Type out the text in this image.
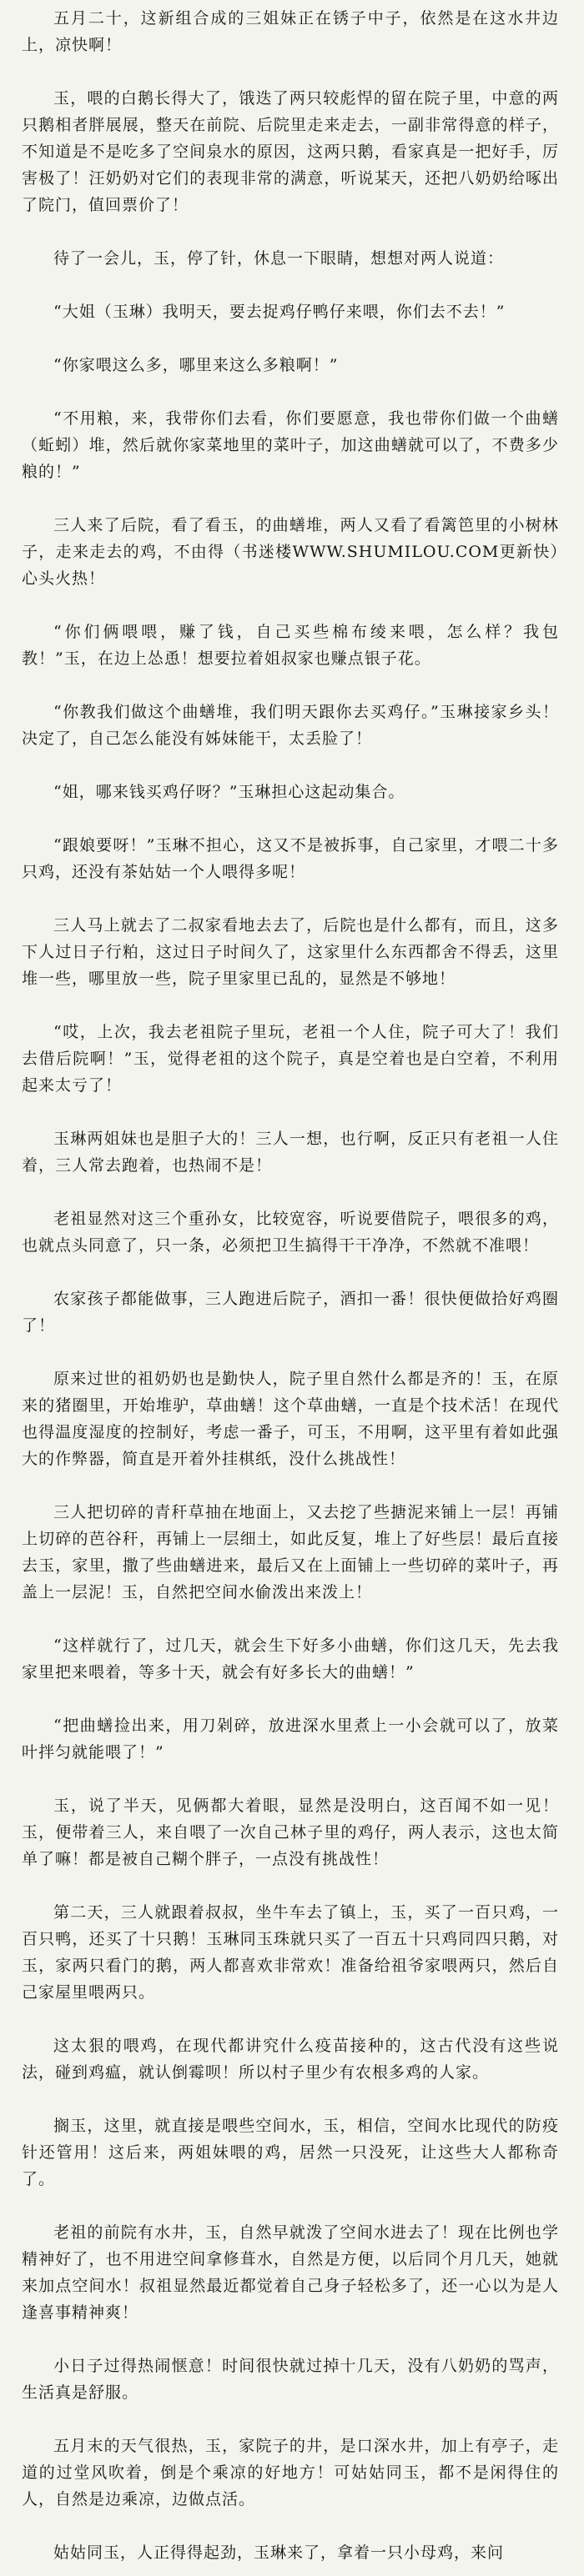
五月二十，这新组合成的三姐妹正在锈子中子，依然是在这水井边上，凉快啊！

玉，喂的白鹅长得大了，饿迭了两只较彪悍的留在院子里，中意的两只鹅相者胖展展，整天在前院、后院里走来走去，一副非常得意的样子，不知道是不是吃多了空间泉水的原因，这两只鹅，看家真是一把好手，厉害极了！汪奶奶对它们的表现非常的满意，听说某天，还把八奶奶给啄出了院门，值回票价了！

待了一会儿，玉，停了针，休息一下眼睛，想想对两人说道：

“大姐（玉琳）我明天，要去捉鸡仔鸭仔来喂，你们去不去！”

“你家喂这么多，哪里来这么多粮啊！”

“不用粮，来，我带你们去看，你们要愿意，我也带你们做一个曲蟮（蚯蚓）堆，然后就你家菜地里的菜叶子，加这曲蟮就可以了，不费多少粮的！”

三人来了后院，看了看玉，的曲蟮堆，两人又看了看篱笆里的小树林子，走来走去的鸡，不由得（书迷楼WWW.SHUMILOU.COM更新快）心头火热！

“你们俩喂喂，赚了钱，自己买些棉布绫来喂，怎么样？我包教！”玉，在边上怂恿！想要拉着姐叔家也赚点银子花。

“你教我们做这个曲蟮堆，我们明天跟你去买鸡仔。”玉琳接家乡头！决定了，自己怎么能没有姊妹能干，太丢脸了！

“姐，哪来钱买鸡仔呀？”玉琳担心这起动集合。

“跟娘要呀！”玉琳不担心，这又不是被拆事，自己家里，才喂二十多只鸡，还没有茶姑姑一个人喂得多呢！

三人马上就去了二叔家看地去去了，后院也是什么都有，而且，这多下人过日子行粕，这过日子时间久了，这家里什么东西都舍不得丢，这里堆一些，哪里放一些，院子里家里已乱的，显然是不够地！

“哎，上次，我去老祖院子里玩，老祖一个人住，院子可大了！我们去借后院啊！”玉，觉得老祖的这个院子，真是空着也是白空着，不利用起来太亏了！

玉琳两姐妹也是胆子大的！三人一想，也行啊，反正只有老祖一人住着，三人常去跑着，也热闹不是！

老祖显然对这三个重孙女，比较宽容，听说要借院子，喂很多的鸡，也就点头同意了，只一条，必须把卫生搞得干干净净，不然就不准喂！

农家孩子都能做事，三人跑进后院子，酒扣一番！很快便做拾好鸡圈了！

原来过世的祖奶奶也是勤快人，院子里自然什么都是齐的！玉，在原来的猪圈里，开始堆驴，草曲蟮！这个草曲蟮，一直是个技术活！在现代也得温度湿度的控制好，考虑一番子，可玉，不用啊，这平里有着如此强大的作弊器，简直是开着外挂棋纸，没什么挑战性！

三人把切碎的青秆草抽在地面上，又去挖了些搪泥来铺上一层！再铺上切碎的芭谷秆，再铺上一层细土，如此反复，堆上了好些层！最后直接去玉，家里，撒了些曲蟮进来，最后又在上面铺上一些切碎的菜叶子，再盖上一层泥！玉，自然把空间水偷泼出来泼上！

“这样就行了，过几天，就会生下好多小曲蟮，你们这几天，先去我家里把来喂着，等多十天，就会有好多长大的曲蟮！”

“把曲蟮捡出来，用刀剁碎，放进深水里煮上一小会就可以了，放菜叶拌匀就能喂了！”

玉，说了半天，见俩都大着眼，显然是没明白，这百闻不如一见！玉，便带着三人，来自喂了一次自己林子里的鸡仔，两人表示，这也太简单了嘛！都是被自己糊个胖子，一点没有挑战性！

第二天，三人就跟着叔叔，坐牛车去了镇上，玉，买了一百只鸡，一百只鸭，还买了十只鹅！玉琳同玉珠就只买了一百五十只鸡同四只鹅，对玉，家两只看门的鹅，两人都喜欢非常欢！准备给祖爷家喂两只，然后自己家屋里喂两只。

这太狠的喂鸡，在现代都讲究什么疫苗接种的，这古代没有这些说法，碰到鸡瘟，就认倒霉呗！所以村子里少有农根多鸡的人家。

搁玉，这里，就直接是喂些空间水，玉，相信，空间水比现代的防疫针还管用！这后来，两姐妹喂的鸡，居然一只没死，让这些大人都称奇了。

老祖的前院有水井，玉，自然早就泼了空间水进去了！现在比例也学精神好了，也不用进空间拿修葺水，自然是方便，以后同个月几天，她就来加点空间水！叔祖显然最近都觉着自己身子轻松多了，还一心以为是人逢喜事精神爽！

小日子过得热闹惬意！时间很快就过掉十几天，没有八奶奶的骂声，生活真是舒服。

五月末的天气很热，玉，家院子的井，是口深水井，加上有亭子，走道的过堂风吹着，倒是个乘凉的好地方！可姑姑同玉，都不是闲得住的人，自然是边乘凉，边做点活。

姑姑同玉，人正得得起劲，玉琳来了，拿着一只小母鸡，来问
